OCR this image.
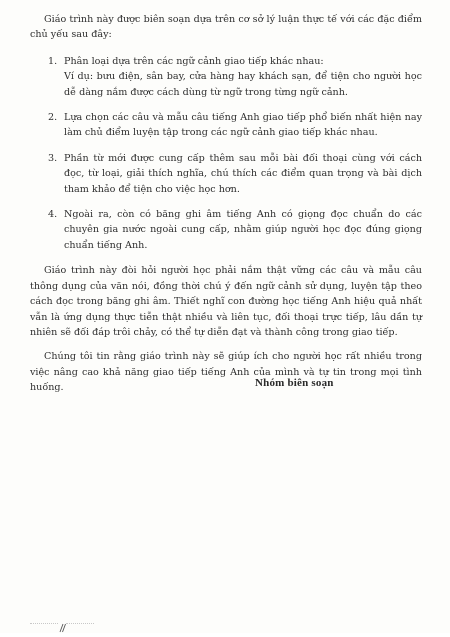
Giáo trình này được biên soạn dựa trên cơ sở lý luận thực tế với các đặc điểm chủ yếu sau đây:

1. Phân loại dựa trên các ngữ cảnh giao tiếp khác nhau:
Ví dụ: bưu điện, sân bay, cửa hàng hay khách sạn, để tiện cho người học dễ dàng nắm được cách dùng từ ngữ trong từng ngữ cảnh.
2. Lựa chọn các câu và mẫu câu tiếng Anh giao tiếp phổ biến nhất hiện nay làm chủ điểm luyện tập trong các ngữ cảnh giao tiếp khác nhau.
3. Phần từ mới được cung cấp thêm sau mỗi bài đối thoại cùng với cách đọc, từ loại, giải thích nghĩa, chú thích các điểm quan trọng và bài dịch tham khảo để tiện cho việc học hơn.
4. Ngoài ra, còn có băng ghi âm tiếng Anh có giọng đọc chuẩn do các chuyên gia nước ngoài cung cấp, nhằm giúp người học đọc đúng giọng chuẩn tiếng Anh.

Giáo trình này đòi hỏi người học phải nắm thật vững các câu và mẫu câu thông dụng của văn nói, đồng thời chú ý đến ngữ cảnh sử dụng, luyện tập theo cách đọc trong băng ghi âm. Thiết nghĩ con đường học tiếng Anh hiệu quả nhất vẫn là ứng dụng thực tiễn thật nhiều và liên tục, đối thoại trực tiếp, lâu dần tự nhiên sẽ đối đáp trôi chảy, có thể tự diễn đạt và thành công trong giao tiếp.

Chúng tôi tin rằng giáo trình này sẽ giúp ích cho người học rất nhiều trong việc nâng cao khả năng giao tiếp tiếng Anh của mình và tự tin trong mọi tình huống.	Nhóm biên soạn
